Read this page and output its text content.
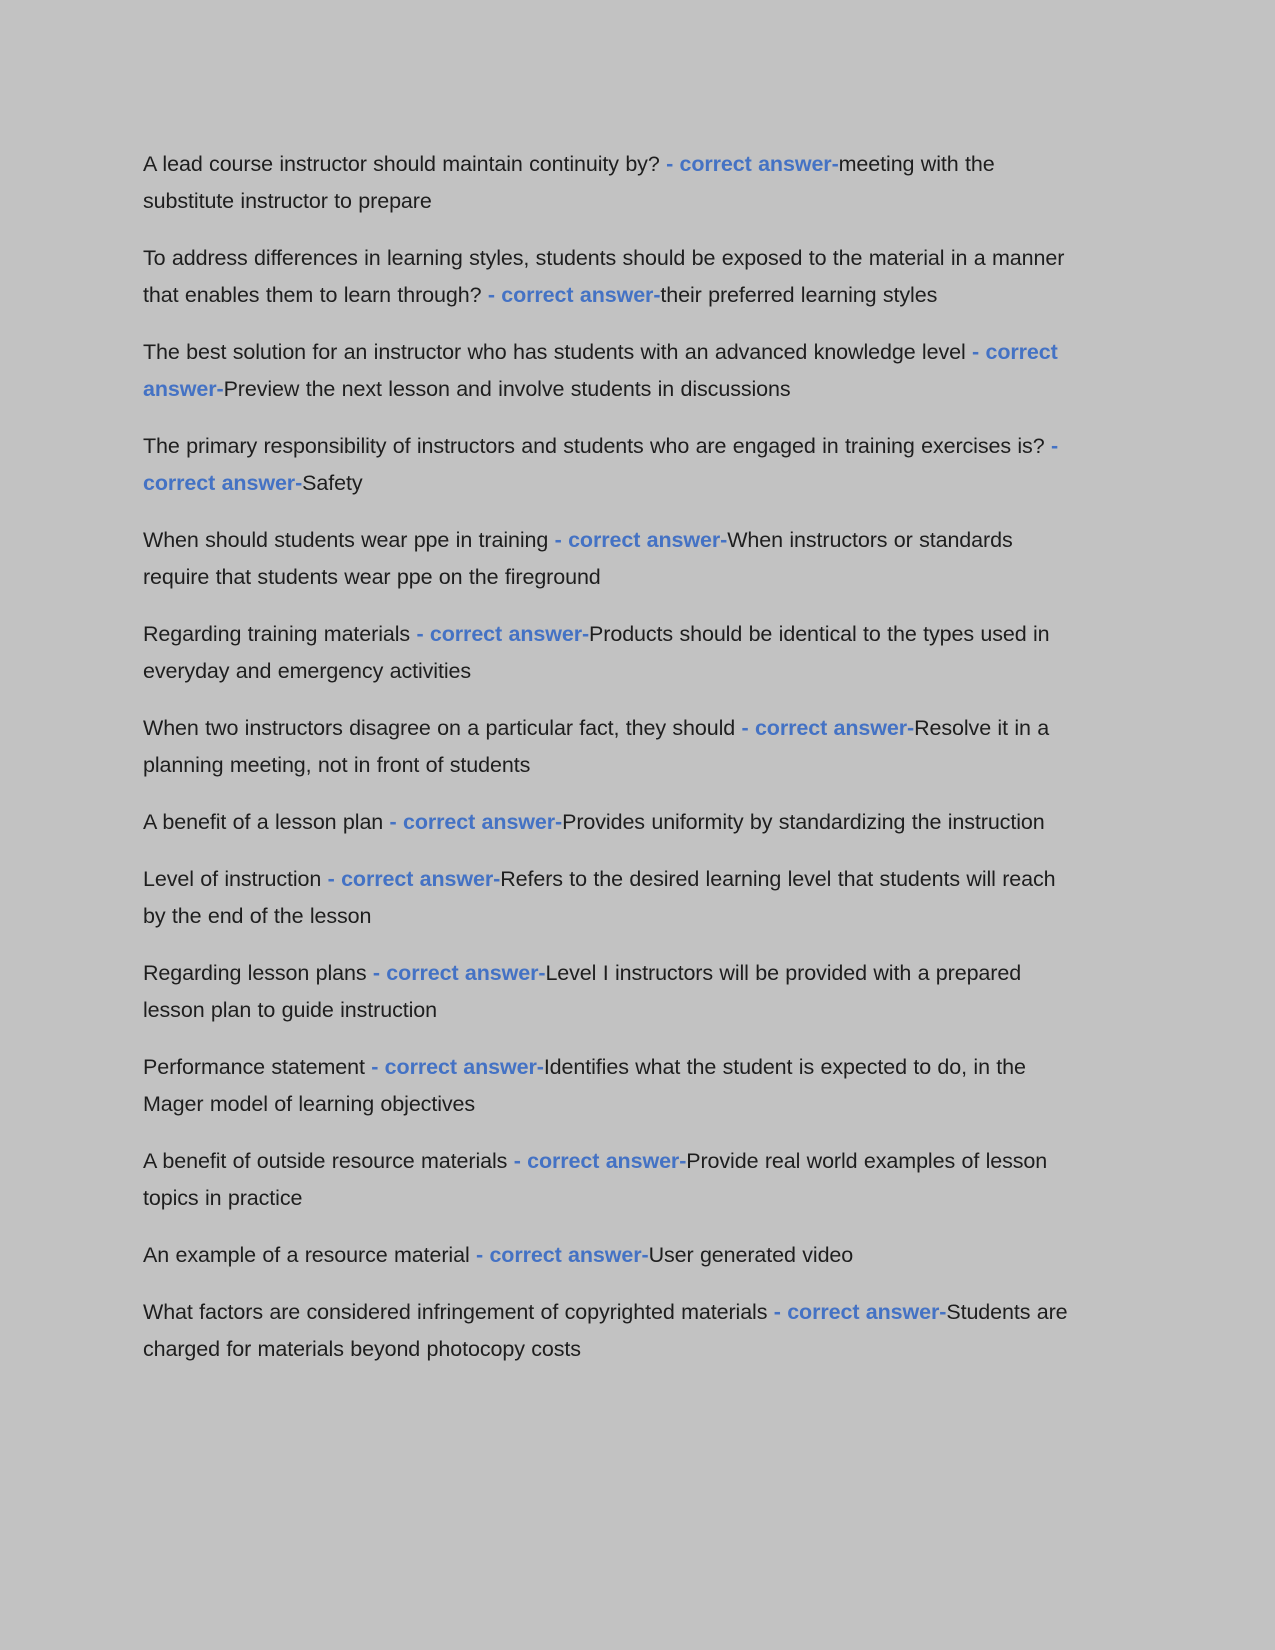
A lead course instructor should maintain continuity by? - correct answer-meeting with the substitute instructor to prepare

To address differences in learning styles, students should be exposed to the material in a manner that enables them to learn through? - correct answer-their preferred learning styles

The best solution for an instructor who has students with an advanced knowledge level - correct answer-Preview the next lesson and involve students in discussions

The primary responsibility of instructors and students who are engaged in training exercises is? - correct answer-Safety

When should students wear ppe in training - correct answer-When instructors or standards require that students wear ppe on the fireground

Regarding training materials - correct answer-Products should be identical to the types used in everyday and emergency activities

When two instructors disagree on a particular fact, they should - correct answer-Resolve it in a planning meeting, not in front of students

A benefit of a lesson plan - correct answer-Provides uniformity by standardizing the instruction

Level of instruction - correct answer-Refers to the desired learning level that students will reach by the end of the lesson

Regarding lesson plans - correct answer-Level I instructors will be provided with a prepared lesson plan to guide instruction

Performance statement - correct answer-Identifies what the student is expected to do, in the Mager model of learning objectives

A benefit of outside resource materials - correct answer-Provide real world examples of lesson topics in practice

An example of a resource material - correct answer-User generated video

What factors are considered infringement of copyrighted materials - correct answer-Students are charged for materials beyond photocopy costs
